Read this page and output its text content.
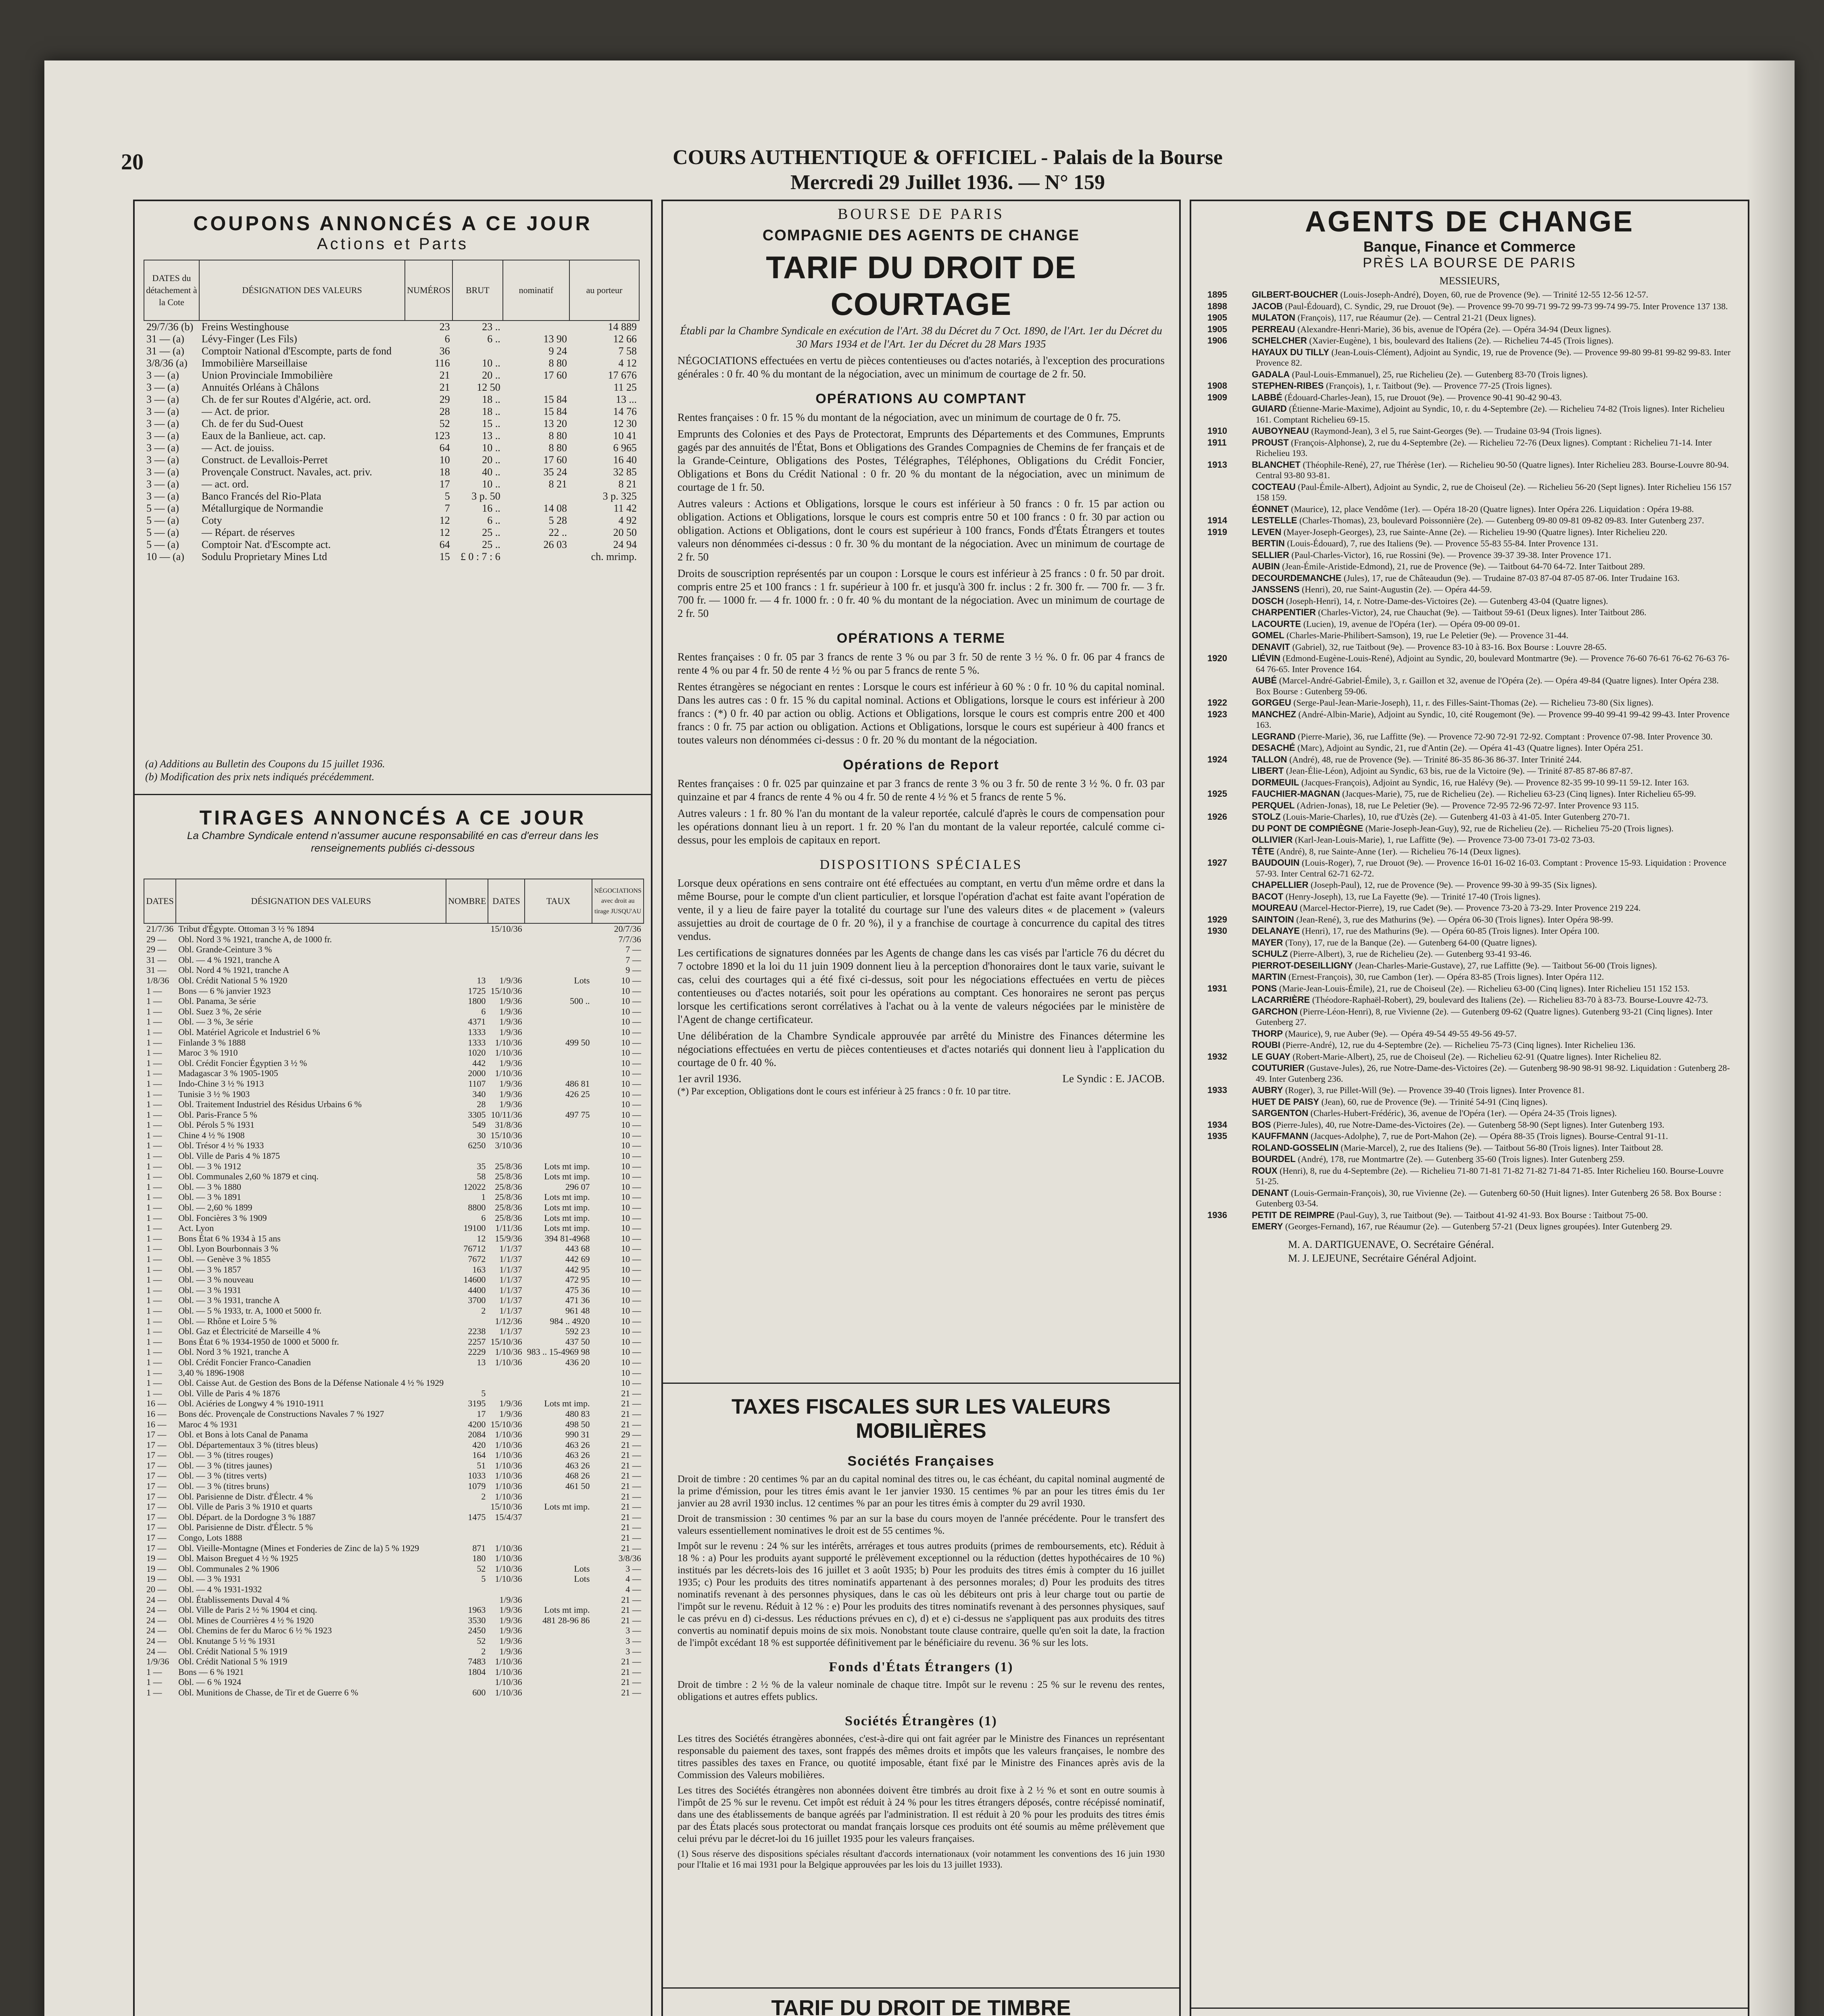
20	COURS AUTHENTIQUE & OFFICIEL - Palais de la Bourse
Mercredi 29 Juillet 1936. — N° 159
COUPONS ANNONCÉS A CE JOUR
Actions et Parts
DATES du détachement à la Cote	DÉSIGNATION DES VALEURS	NUMÉROS	BRUT	nominatif	au porteur
29/7/36 (b)	Freins Westinghouse	23	23 ..		14 889
31 — (a)	Lévy-Finger (Les Fils)	6	6 ..	13 90	12 66
31 — (a)	Comptoir National d'Escompte, parts de fond	36		9 24	7 58
3/8/36 (a)	Immobilière Marseillaise	116	10 ..	8 80	4 12
3 — (a)	Union Provinciale Immobilière	21	20 ..	17 60	17 676
3 — (a)	Annuités Orléans à Châlons	21	12 50		11 25
3 — (a)	Ch. de fer sur Routes d'Algérie, act. ord.	29	18 ..	15 84	13 ...
3 — (a)	— Act. de prior.	28	18 ..	15 84	14 76
3 — (a)	Ch. de fer du Sud-Ouest	52	15 ..	13 20	12 30
3 — (a)	Eaux de la Banlieue, act. cap.	123	13 ..	8 80	10 41
3 — (a)	— Act. de jouiss.	64	10 ..	8 80	6 965
3 — (a)	Construct. de Levallois-Perret	10	20 ..	17 60	16 40
3 — (a)	Provençale Construct. Navales, act. priv.	18	40 ..	35 24	32 85
3 — (a)	— act. ord.	17	10 ..	8 21	8 21
3 — (a)	Banco Francés del Rio-Plata	5	3 p. 50		3 p. 325
5 — (a)	Métallurgique de Normandie	7	16 ..	14 08	11 42
5 — (a)	Coty	12	6 ..	5 28	4 92
5 — (a)	— Répart. de réserves	12	25 ..	22 ..	20 50
5 — (a)	Comptoir Nat. d'Escompte act.	64	25 ..	26 03	24 94
10 — (a)	Sodulu Proprietary Mines Ltd	15	£ 0 : 7 : 6		ch. mrimp.
(a) Additions au Bulletin des Coupons du 15 juillet 1936.
(b) Modification des prix nets indiqués précédemment.
TIRAGES ANNONCÉS A CE JOUR
La Chambre Syndicale entend n'assumer aucune responsabilité en cas d'erreur dans les renseignements publiés ci-dessous
DATES	DÉSIGNATION DES VALEURS	NOMBRE	DATES	TAUX	NÉGOCIATIONS avec droit au tirage JUSQU'AU
21/7/36	Tribut d'Égypte. Ottoman 3 ½ % 1894		15/10/36		20/7/36
29 —	Obl. Nord 3 % 1921, tranche A, de 1000 fr.				7/7/36
29 —	Obl. Grande-Ceinture 3 %				7 —
31 —	Obl. — 4 % 1921, tranche A				7 —
31 —	Obl. Nord 4 % 1921, tranche A				9 —
1/8/36	Obl. Crédit National 5 % 1920	13	1/9/36	Lots	10 —
1 —	Bons — 6 % janvier 1923	1725	15/10/36		10 —
1 —	Obl. Panama, 3e série	1800	1/9/36	500 ..	10 —
1 —	Obl. Suez 3 %, 2e série	6	1/9/36		10 —
1 —	Obl. — 3 %, 3e série	4371	1/9/36		10 —
1 —	Obl. Matériel Agricole et Industriel 6 %	1333	1/9/36		10 —
1 —	Finlande 3 % 1888	1333	1/10/36	499 50	10 —
1 —	Maroc 3 % 1910	1020	1/10/36		10 —
1 —	Obl. Crédit Foncier Égyptien 3 ½ %	442	1/9/36		10 —
1 —	Madagascar 3 % 1905-1905	2000	1/10/36		10 —
1 —	Indo-Chine 3 ½ % 1913	1107	1/9/36	486 81	10 —
1 —	Tunisie 3 ½ % 1903	340	1/9/36	426 25	10 —
1 —	Obl. Traitement Industriel des Résidus Urbains 6 %	28	1/9/36		10 —
1 —	Obl. Paris-France 5 %	3305	10/11/36	497 75	10 —
1 —	Obl. Pérols 5 % 1931	549	31/8/36		10 —
1 —	Chine 4 ½ % 1908	30	15/10/36		10 —
1 —	Obl. Trésor 4 ½ % 1933	6250	3/10/36		10 —
1 —	Obl. Ville de Paris 4 % 1875				10 —
1 —	Obl. — 3 % 1912	35	25/8/36	Lots mt imp.	10 —
1 —	Obl. Communales 2,60 % 1879 et cinq.	58	25/8/36	Lots mt imp.	10 —
1 —	Obl. — 3 % 1880	12022	25/8/36	296 07	10 —
1 —	Obl. — 3 % 1891	1	25/8/36	Lots mt imp.	10 —
1 —	Obl. — 2,60 % 1899	8800	25/8/36	Lots mt imp.	10 —
1 —	Obl. Foncières 3 % 1909	6	25/8/36	Lots mt imp.	10 —
1 —	Act. Lyon	19100	1/11/36	Lots mt imp.	10 —
1 —	Bons État 6 % 1934 à 15 ans	12	15/9/36	394 81-4968	10 —
1 —	Obl. Lyon Bourbonnais 3 %	76712	1/1/37	443 68	10 —
1 —	Obl. — Genève 3 % 1855	7672	1/1/37	442 69	10 —
1 —	Obl. — 3 % 1857	163	1/1/37	442 95	10 —
1 —	Obl. — 3 % nouveau	14600	1/1/37	472 95	10 —
1 —	Obl. — 3 % 1931	4400	1/1/37	475 36	10 —
1 —	Obl. — 3 % 1931, tranche A	3700	1/1/37	471 36	10 —
1 —	Obl. — 5 % 1933, tr. A, 1000 et 5000 fr.	2	1/1/37	961 48	10 —
1 —	Obl. — Rhône et Loire 5 %		1/12/36	984 .. 4920	10 —
1 —	Obl. Gaz et Électricité de Marseille 4 %	2238	1/1/37	592 23	10 —
1 —	Bons État 6 % 1934-1950 de 1000 et 5000 fr.	2257	15/10/36	437 50	10 —
1 —	Obl. Nord 3 % 1921, tranche A	2229	1/10/36	983 .. 15-4969 98	10 —
1 —	Obl. Crédit Foncier Franco-Canadien	13	1/10/36	436 20	10 —
1 —	3,40 % 1896-1908				10 —
1 —	Obl. Caisse Aut. de Gestion des Bons de la Défense Nationale 4 ½ % 1929				10 —
1 —	Obl. Ville de Paris 4 % 1876	5			21 —
16 —	Obl. Aciéries de Longwy 4 % 1910-1911	3195	1/9/36	Lots mt imp.	21 —
16 —	Bons déc. Provençale de Constructions Navales 7 % 1927	17	1/9/36	480 83	21 —
16 —	Maroc 4 % 1931	4200	15/10/36	498 50	21 —
17 —	Obl. et Bons à lots Canal de Panama	2084	1/10/36	990 31	29 —
17 —	Obl. Départementaux 3 % (titres bleus)	420	1/10/36	463 26	21 —
17 —	Obl. — 3 % (titres rouges)	164	1/10/36	463 26	21 —
17 —	Obl. — 3 % (titres jaunes)	51	1/10/36	463 26	21 —
17 —	Obl. — 3 % (titres verts)	1033	1/10/36	468 26	21 —
17 —	Obl. — 3 % (titres bruns)	1079	1/10/36	461 50	21 —
17 —	Obl. Parisienne de Distr. d'Électr. 4 %	2	1/10/36		21 —
17 —	Obl. Ville de Paris 3 % 1910 et quarts		15/10/36	Lots mt imp.	21 —
17 —	Obl. Départ. de la Dordogne 3 % 1887	1475	15/4/37		21 —
17 —	Obl. Parisienne de Distr. d'Électr. 5 %				21 —
17 —	Congo, Lots 1888				21 —
17 —	Obl. Vieille-Montagne (Mines et Fonderies de Zinc de la) 5 % 1929	871	1/10/36		21 —
19 —	Obl. Maison Breguet 4 ½ % 1925	180	1/10/36		3/8/36
19 —	Obl. Communales 2 % 1906	52	1/10/36	Lots	3 —
19 —	Obl. — 3 % 1931	5	1/10/36	Lots	4 —
20 —	Obl. — 4 % 1931-1932				4 —
24 —	Obl. Établissements Duval 4 %		1/9/36		21 —
24 —	Obl. Ville de Paris 2 ½ % 1904 et cinq.	1963	1/9/36	Lots mt imp.	21 —
24 —	Obl. Mines de Courrières 4 ½ % 1920	3530	1/9/36	481 28-96 86	21 —
24 —	Obl. Chemins de fer du Maroc 6 ½ % 1923	2450	1/9/36		3 —
24 —	Obl. Knutange 5 ½ % 1931	52	1/9/36		3 —
24 —	Obl. Crédit National 5 % 1919	2	1/9/36		3 —
1/9/36	Obl. Crédit National 5 % 1919	7483	1/10/36		21 —
1 —	Bons — 6 % 1921	1804	1/10/36		21 —
1 —	Obl. — 6 % 1924		1/10/36		21 —
1 —	Obl. Munitions de Chasse, de Tir et de Guerre 6 %	600	1/10/36		21 —
BOURSE DE PARIS
COMPAGNIE DES AGENTS DE CHANGE
TARIF DU DROIT DE COURTAGE

Établi par la Chambre Syndicale en exécution de l'Art. 38 du Décret du 7 Oct. 1890, de l'Art. 1er du Décret du 30 Mars 1934 et de l'Art. 1er du Décret du 28 Mars 1935

NÉGOCIATIONS effectuées en vertu de pièces contentieuses ou d'actes notariés, à l'exception des procurations générales : 0 fr. 40 % du montant de la négociation, avec un minimum de courtage de 2 fr. 50.

OPÉRATIONS AU COMPTANT

Rentes françaises : 0 fr. 15 % du montant de la négociation, avec un minimum de courtage de 0 fr. 75.

Emprunts des Colonies et des Pays de Protectorat, Emprunts des Départements et des Communes, Emprunts gagés par des annuités de l'État, Bons et Obligations des Grandes Compagnies de Chemins de fer français et de la Grande-Ceinture, Obligations des Postes, Télégraphes, Téléphones, Obligations du Crédit Foncier, Obligations et Bons du Crédit National : 0 fr. 20 % du montant de la négociation, avec un minimum de courtage de 1 fr. 50.

Autres valeurs : Actions et Obligations, lorsque le cours est inférieur à 50 francs : 0 fr. 15 par action ou obligation. Actions et Obligations, lorsque le cours est compris entre 50 et 100 francs : 0 fr. 30 par action ou obligation. Actions et Obligations, dont le cours est supérieur à 100 francs, Fonds d'États Étrangers et toutes valeurs non dénommées ci-dessus : 0 fr. 30 % du montant de la négociation. Avec un minimum de courtage de 2 fr. 50

Droits de souscription représentés par un coupon : Lorsque le cours est inférieur à 25 francs : 0 fr. 50 par droit. compris entre 25 et 100 francs : 1 fr. supérieur à 100 fr. et jusqu'à 300 fr. inclus : 2 fr. 300 fr. — 700 fr. — 3 fr. 700 fr. — 1000 fr. — 4 fr. 1000 fr. : 0 fr. 40 % du montant de la négociation. Avec un minimum de courtage de 2 fr. 50

OPÉRATIONS A TERME

Rentes françaises : 0 fr. 05 par 3 francs de rente 3 % ou par 3 fr. 50 de rente 3 ½ %. 0 fr. 06 par 4 francs de rente 4 % ou par 4 fr. 50 de rente 4 ½ % ou par 5 francs de rente 5 %.

Rentes étrangères se négociant en rentes : Lorsque le cours est inférieur à 60 % : 0 fr. 10 % du capital nominal. Dans les autres cas : 0 fr. 15 % du capital nominal. Actions et Obligations, lorsque le cours est inférieur à 200 francs : (*) 0 fr. 40 par action ou oblig. Actions et Obligations, lorsque le cours est compris entre 200 et 400 francs : 0 fr. 75 par action ou obligation. Actions et Obligations, lorsque le cours est supérieur à 400 francs et toutes valeurs non dénommées ci-dessus : 0 fr. 20 % du montant de la négociation.

Opérations de Report

Rentes françaises : 0 fr. 025 par quinzaine et par 3 francs de rente 3 % ou 3 fr. 50 de rente 3 ½ %. 0 fr. 03 par quinzaine et par 4 francs de rente 4 % ou 4 fr. 50 de rente 4 ½ % et 5 francs de rente 5 %.

Autres valeurs : 1 fr. 80 % l'an du montant de la valeur reportée, calculé d'après le cours de compensation pour les opérations donnant lieu à un report. 1 fr. 20 % l'an du montant de la valeur reportée, calculé comme ci-dessus, pour les emplois de capitaux en report.

DISPOSITIONS SPÉCIALES

Lorsque deux opérations en sens contraire ont été effectuées au comptant, en vertu d'un même ordre et dans la même Bourse, pour le compte d'un client particulier, et lorsque l'opération d'achat est faite avant l'opération de vente, il y a lieu de faire payer la totalité du courtage sur l'une des valeurs dites « de placement » (valeurs assujetties au droit de courtage de 0 fr. 20 %), il y a franchise de courtage à concurrence du capital des titres vendus.

Les certifications de signatures données par les Agents de change dans les cas visés par l'article 76 du décret du 7 octobre 1890 et la loi du 11 juin 1909 donnent lieu à la perception d'honoraires dont le taux varie, suivant le cas, celui des courtages qui a été fixé ci-dessus, soit pour les négociations effectuées en vertu de pièces contentieuses ou d'actes notariés, soit pour les opérations au comptant. Ces honoraires ne seront pas perçus lorsque les certifications seront corrélatives à l'achat ou à la vente de valeurs négociées par le ministère de l'Agent de change certificateur.

Une délibération de la Chambre Syndicale approuvée par arrêté du Ministre des Finances détermine les négociations effectuées en vertu de pièces contentieuses et d'actes notariés qui donnent lieu à l'application du courtage de 0 fr. 40 %.

1er avril 1936.	Le Syndic : E. JACOB.

(*) Par exception, Obligations dont le cours est inférieur à 25 francs : 0 fr. 10 par titre.

TAXES FISCALES SUR LES VALEURS MOBILIÈRES
Sociétés Françaises

Droit de timbre : 20 centimes % par an du capital nominal des titres ou, le cas échéant, du capital nominal augmenté de la prime d'émission, pour les titres émis avant le 1er janvier 1930. 15 centimes % par an pour les titres émis du 1er janvier au 28 avril 1930 inclus. 12 centimes % par an pour les titres émis à compter du 29 avril 1930.

Droit de transmission : 30 centimes % par an sur la base du cours moyen de l'année précédente. Pour le transfert des valeurs essentiellement nominatives le droit est de 55 centimes %.

Impôt sur le revenu : 24 % sur les intérêts, arrérages et tous autres produits (primes de remboursements, etc). Réduit à 18 % : a) Pour les produits ayant supporté le prélèvement exceptionnel ou la réduction (dettes hypothécaires de 10 %) institués par les décrets-lois des 16 juillet et 3 août 1935; b) Pour les produits des titres émis à compter du 16 juillet 1935; c) Pour les produits des titres nominatifs appartenant à des personnes morales; d) Pour les produits des titres nominatifs revenant à des personnes physiques, dans le cas où les débiteurs ont pris à leur charge tout ou partie de l'impôt sur le revenu. Réduit à 12 % : e) Pour les produits des titres nominatifs revenant à des personnes physiques, sauf le cas prévu en d) ci-dessus. Les réductions prévues en c), d) et e) ci-dessus ne s'appliquent pas aux produits des titres convertis au nominatif depuis moins de six mois. Nonobstant toute clause contraire, quelle qu'en soit la date, la fraction de l'impôt excédant 18 % est supportée définitivement par le bénéficiaire du revenu. 36 % sur les lots.

Fonds d'États Étrangers (1)

Droit de timbre : 2 ½ % de la valeur nominale de chaque titre. Impôt sur le revenu : 25 % sur le revenu des rentes, obligations et autres effets publics.

Sociétés Étrangères (1)

Les titres des Sociétés étrangères abonnées, c'est-à-dire qui ont fait agréer par le Ministre des Finances un représentant responsable du paiement des taxes, sont frappés des mêmes droits et impôts que les valeurs françaises, le nombre des titres passibles des taxes en France, ou quotité imposable, étant fixé par le Ministre des Finances après avis de la Commission des Valeurs mobilières.

Les titres des Sociétés étrangères non abonnées doivent être timbrés au droit fixe à 2 ½ % et sont en outre soumis à l'impôt de 25 % sur le revenu. Cet impôt est réduit à 24 % pour les titres étrangers déposés, contre récépissé nominatif, dans une des établissements de banque agréés par l'administration. Il est réduit à 20 % pour les produits des titres émis par des États placés sous protectorat ou mandat français lorsque ces produits ont été soumis au même prélèvement que celui prévu par le décret-loi du 16 juillet 1935 pour les valeurs françaises.

(1) Sous réserve des dispositions spéciales résultant d'accords internationaux (voir notamment les conventions des 16 juin 1930 pour l'Italie et 16 mai 1931 pour la Belgique approuvées par les lois du 13 juillet 1933).

TARIF DU DROIT DE TIMBRE

AGENTS DE CHANGE
Banque, Finance et Commerce
PRÈS LA BOURSE DE PARIS
MESSIEURS,

1895	GILBERT-BOUCHER (Louis-Joseph-André), Doyen, 60, rue de Provence (9e). — Trinité 12-55 12-56 12-57.

1898	JACOB (Paul-Édouard), C. Syndic, 29, rue Drouot (9e). — Provence 99-70 99-71 99-72 99-73 99-74 99-75. Inter Provence 137 138.

1905	MULATON (François), 117, rue Réaumur (2e). — Central 21-21 (Deux lignes).

1905	PERREAU (Alexandre-Henri-Marie), 36 bis, avenue de l'Opéra (2e). — Opéra 34-94 (Deux lignes).

1906	SCHELCHER (Xavier-Eugène), 1 bis, boulevard des Italiens (2e). — Richelieu 74-45 (Trois lignes).

HAYAUX DU TILLY (Jean-Louis-Clément), Adjoint au Syndic, 19, rue de Provence (9e). — Provence 99-80 99-81 99-82 99-83. Inter Provence 82.

GADALA (Paul-Louis-Emmanuel), 25, rue Richelieu (2e). — Gutenberg 83-70 (Trois lignes).

1908	STEPHEN-RIBES (François), 1, r. Taitbout (9e). — Provence 77-25 (Trois lignes).

1909	LABBÉ (Édouard-Charles-Jean), 15, rue Drouot (9e). — Provence 90-41 90-42 90-43.

GUIARD (Étienne-Marie-Maxime), Adjoint au Syndic, 10, r. du 4-Septembre (2e). — Richelieu 74-82 (Trois lignes). Inter Richelieu 161. Comptant Richelieu 69-15.

1910	AUBOYNEAU (Raymond-Jean), 3 el 5, rue Saint-Georges (9e). — Trudaine 03-94 (Trois lignes).

1911	PROUST (François-Alphonse), 2, rue du 4-Septembre (2e). — Richelieu 72-76 (Deux lignes). Comptant : Richelieu 71-14. Inter Richelieu 193.

1913	BLANCHET (Théophile-René), 27, rue Thérèse (1er). — Richelieu 90-50 (Quatre lignes). Inter Richelieu 283. Bourse-Louvre 80-94. Central 93-80 93-81.

COCTEAU (Paul-Émile-Albert), Adjoint au Syndic, 2, rue de Choiseul (2e). — Richelieu 56-20 (Sept lignes). Inter Richelieu 156 157 158 159.

ÉONNET (Maurice), 12, place Vendôme (1er). — Opéra 18-20 (Quatre lignes). Inter Opéra 226. Liquidation : Opéra 19-88.

1914	LESTELLE (Charles-Thomas), 23, boulevard Poissonnière (2e). — Gutenberg 09-80 09-81 09-82 09-83. Inter Gutenberg 237.

1919	LEVEN (Mayer-Joseph-Georges), 23, rue Sainte-Anne (2e). — Richelieu 19-90 (Quatre lignes). Inter Richelieu 220.

BERTIN (Louis-Édouard), 7, rue des Italiens (9e). — Provence 55-83 55-84. Inter Provence 131.

SELLIER (Paul-Charles-Victor), 16, rue Rossini (9e). — Provence 39-37 39-38. Inter Provence 171.

AUBIN (Jean-Émile-Aristide-Edmond), 21, rue de Provence (9e). — Taitbout 64-70 64-72. Inter Taitbout 289.

DECOURDEMANCHE (Jules), 17, rue de Châteaudun (9e). — Trudaine 87-03 87-04 87-05 87-06. Inter Trudaine 163.

JANSSENS (Henri), 20, rue Saint-Augustin (2e). — Opéra 44-59.

DOSCH (Joseph-Henri), 14, r. Notre-Dame-des-Victoires (2e). — Gutenberg 43-04 (Quatre lignes).

CHARPENTIER (Charles-Victor), 24, rue Chauchat (9e). — Taitbout 59-61 (Deux lignes). Inter Taitbout 286.

LACOURTE (Lucien), 19, avenue de l'Opéra (1er). — Opéra 09-00 09-01.

GOMEL (Charles-Marie-Philibert-Samson), 19, rue Le Peletier (9e). — Provence 31-44.

DENAVIT (Gabriel), 32, rue Taitbout (9e). — Provence 83-10 à 83-16. Box Bourse : Louvre 28-65.

1920	LIÉVIN (Edmond-Eugène-Louis-René), Adjoint au Syndic, 20, boulevard Montmartre (9e). — Provence 76-60 76-61 76-62 76-63 76-64 76-65. Inter Provence 164.

AUBÉ (Marcel-André-Gabriel-Émile), 3, r. Gaillon et 32, avenue de l'Opéra (2e). — Opéra 49-84 (Quatre lignes). Inter Opéra 238. Box Bourse : Gutenberg 59-06.

1922	GORGEU (Serge-Paul-Jean-Marie-Joseph), 11, r. des Filles-Saint-Thomas (2e). — Richelieu 73-80 (Six lignes).

1923	MANCHEZ (André-Albin-Marie), Adjoint au Syndic, 10, cité Rougemont (9e). — Provence 99-40 99-41 99-42 99-43. Inter Provence 163.

LEGRAND (Pierre-Marie), 36, rue Laffitte (9e). — Provence 72-90 72-91 72-92. Comptant : Provence 07-98. Inter Provence 30.

DESACHÉ (Marc), Adjoint au Syndic, 21, rue d'Antin (2e). — Opéra 41-43 (Quatre lignes). Inter Opéra 251.

1924	TALLON (André), 48, rue de Provence (9e). — Trinité 86-35 86-36 86-37. Inter Trinité 244.

LIBERT (Jean-Élie-Léon), Adjoint au Syndic, 63 bis, rue de la Victoire (9e). — Trinité 87-85 87-86 87-87.

DORMEUIL (Jacques-François), Adjoint au Syndic, 16, rue Halévy (9e). — Provence 82-35 99-10 99-11 59-12. Inter 163.

1925	FAUCHIER-MAGNAN (Jacques-Marie), 75, rue de Richelieu (2e). — Richelieu 63-23 (Cinq lignes). Inter Richelieu 65-99.

PERQUEL (Adrien-Jonas), 18, rue Le Peletier (9e). — Provence 72-95 72-96 72-97. Inter Provence 93 115.

1926	STOLZ (Louis-Marie-Charles), 10, rue d'Uzès (2e). — Gutenberg 41-03 à 41-05. Inter Gutenberg 270-71.

DU PONT DE COMPIÈGNE (Marie-Joseph-Jean-Guy), 92, rue de Richelieu (2e). — Richelieu 75-20 (Trois lignes).

OLLIVIER (Karl-Jean-Louis-Marie), 1, rue Laffitte (9e). — Provence 73-00 73-01 73-02 73-03.

TÊTE (André), 8, rue Sainte-Anne (1er). — Richelieu 76-14 (Deux lignes).

1927	BAUDOUIN (Louis-Roger), 7, rue Drouot (9e). — Provence 16-01 16-02 16-03. Comptant : Provence 15-93. Liquidation : Provence 57-93. Inter Central 62-71 62-72.

CHAPELLIER (Joseph-Paul), 12, rue de Provence (9e). — Provence 99-30 à 99-35 (Six lignes).

BACOT (Henry-Joseph), 13, rue La Fayette (9e). — Trinité 17-40 (Trois lignes).

MOUREAU (Marcel-Hector-Pierre), 19, rue Cadet (9e). — Provence 73-20 à 73-29. Inter Provence 219 224.

1929	SAINTOIN (Jean-René), 3, rue des Mathurins (9e). — Opéra 06-30 (Trois lignes). Inter Opéra 98-99.

1930	DELANAYE (Henri), 17, rue des Mathurins (9e). — Opéra 60-85 (Trois lignes). Inter Opéra 100.

MAYER (Tony), 17, rue de la Banque (2e). — Gutenberg 64-00 (Quatre lignes).

SCHULZ (Pierre-Albert), 3, rue de Richelieu (2e). — Gutenberg 93-41 93-46.

PIERROT-DESEILLIGNY (Jean-Charles-Marie-Gustave), 27, rue Laffitte (9e). — Taitbout 56-00 (Trois lignes).

MARTIN (Ernest-François), 30, rue Cambon (1er). — Opéra 83-85 (Trois lignes). Inter Opéra 112.

1931	PONS (Marie-Jean-Louis-Émile), 21, rue de Choiseul (2e). — Richelieu 63-00 (Cinq lignes). Inter Richelieu 151 152 153.

LACARRIÈRE (Théodore-Raphaël-Robert), 29, boulevard des Italiens (2e). — Richelieu 83-70 à 83-73. Bourse-Louvre 42-73.

GARCHON (Pierre-Léon-Henri), 8, rue Vivienne (2e). — Gutenberg 09-62 (Quatre lignes). Gutenberg 93-21 (Cinq lignes). Inter Gutenberg 27.

THORP (Maurice), 9, rue Auber (9e). — Opéra 49-54 49-55 49-56 49-57.

ROUBI (Pierre-André), 12, rue du 4-Septembre (2e). — Richelieu 75-73 (Cinq lignes). Inter Richelieu 136.

1932	LE GUAY (Robert-Marie-Albert), 25, rue de Choiseul (2e). — Richelieu 62-91 (Quatre lignes). Inter Richelieu 82.

COUTURIER (Gustave-Jules), 26, rue Notre-Dame-des-Victoires (2e). — Gutenberg 98-90 98-91 98-92. Liquidation : Gutenberg 28-49. Inter Gutenberg 236.

1933	AUBRY (Roger), 3, rue Pillet-Will (9e). — Provence 39-40 (Trois lignes). Inter Provence 81.

HUET DE PAISY (Jean), 60, rue de Provence (9e). — Trinité 54-91 (Cinq lignes).

SARGENTON (Charles-Hubert-Frédéric), 36, avenue de l'Opéra (1er). — Opéra 24-35 (Trois lignes).

1934	BOS (Pierre-Jules), 40, rue Notre-Dame-des-Victoires (2e). — Gutenberg 58-90 (Sept lignes). Inter Gutenberg 193.

1935	KAUFFMANN (Jacques-Adolphe), 7, rue de Port-Mahon (2e). — Opéra 88-35 (Trois lignes). Bourse-Central 91-11.

ROLAND-GOSSELIN (Marie-Marcel), 2, rue des Italiens (9e). — Taitbout 56-80 (Trois lignes). Inter Taitbout 28.

BOURDEL (André), 178, rue Montmartre (2e). — Gutenberg 35-60 (Trois lignes). Inter Gutenberg 259.

ROUX (Henri), 8, rue du 4-Septembre (2e). — Richelieu 71-80 71-81 71-82 71-82 71-84 71-85. Inter Richelieu 160. Bourse-Louvre 51-25.

DENANT (Louis-Germain-François), 30, rue Vivienne (2e). — Gutenberg 60-50 (Huit lignes). Inter Gutenberg 26 58. Box Bourse : Gutenberg 03-54.

1936	PETIT DE REIMPRE (Paul-Guy), 3, rue Taitbout (9e). — Taitbout 41-92 41-93. Box Bourse : Taitbout 75-00.

EMERY (Georges-Fernand), 167, rue Réaumur (2e). — Gutenberg 57-21 (Deux lignes groupées). Inter Gutenberg 29.

M. A. DARTIGUENAVE, O. Secrétaire Général.
M. J. LEJEUNE, Secrétaire Général Adjoint.
